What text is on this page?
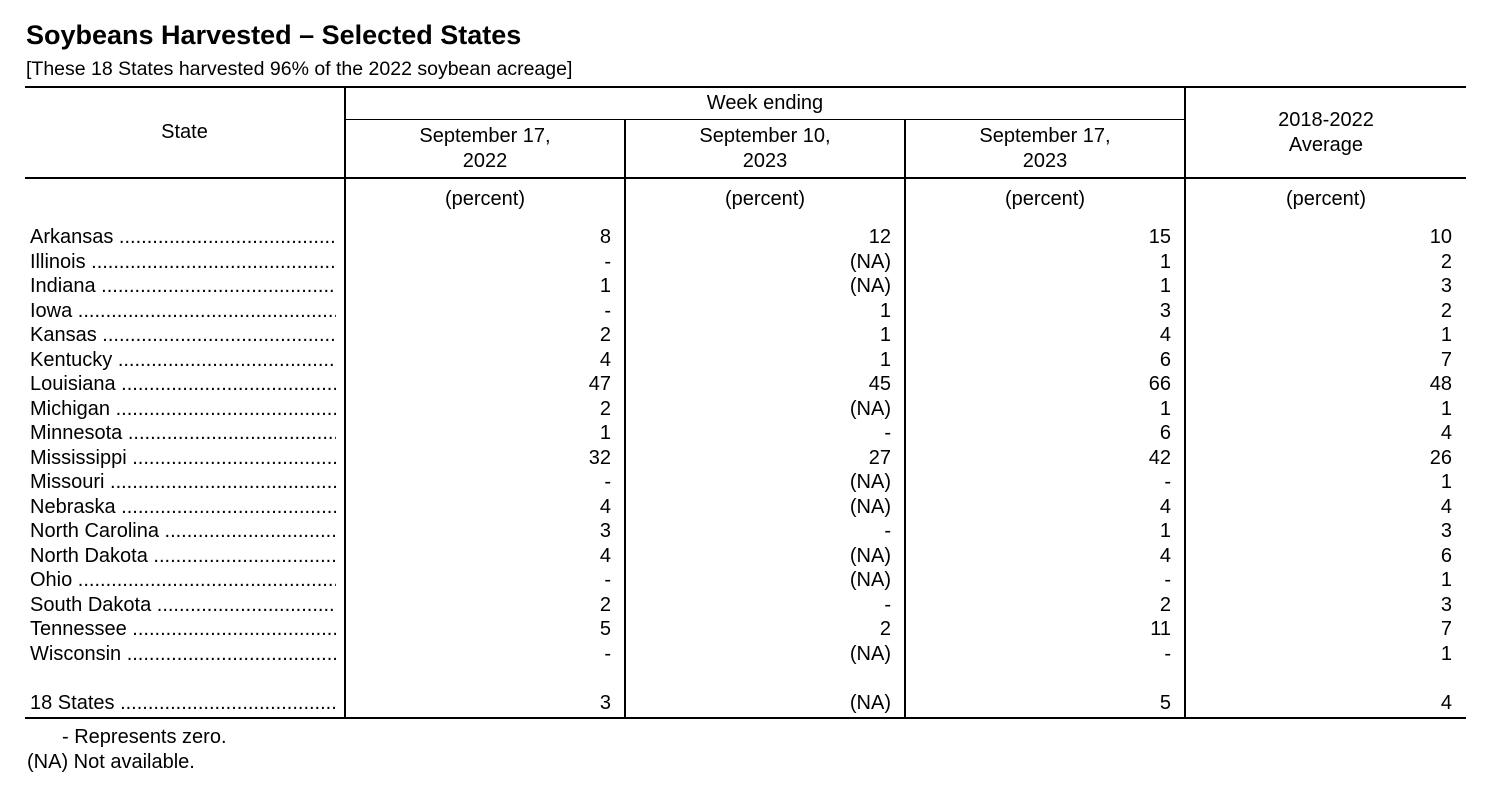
Soybeans Harvested – Selected States
[These 18 States harvested 96% of the 2022 soybean acreage]
State
Week ending
September 17,
2022
September 10,
2023
September 17,
2023
2018-2022
Average
(percent)	(percent)	(percent)	(percent)
Arkansas .....	8	12	15	10
Illinois .....	-	(NA)	1	2
Indiana .....	1	(NA)	1	3
Iowa .....	-	1	3	2
Kansas .....	2	1	4	1
Kentucky .....	4	1	6	7
Louisiana .....	47	45	66	48
Michigan .....	2	(NA)	1	1
Minnesota .....	1	-	6	4
Mississippi .....	32	27	42	26
Missouri .....	-	(NA)	-	1
Nebraska .....	4	(NA)	4	4
North Carolina .....	3	-	1	3
North Dakota .....	4	(NA)	4	6
Ohio .....	-	(NA)	-	1
South Dakota .....	2	-	2	3
Tennessee .....	5	2	11	7
Wisconsin .....	-	(NA)	-	1
18 States .....	3	(NA)	5	4
- Represents zero.
(NA) Not available.
